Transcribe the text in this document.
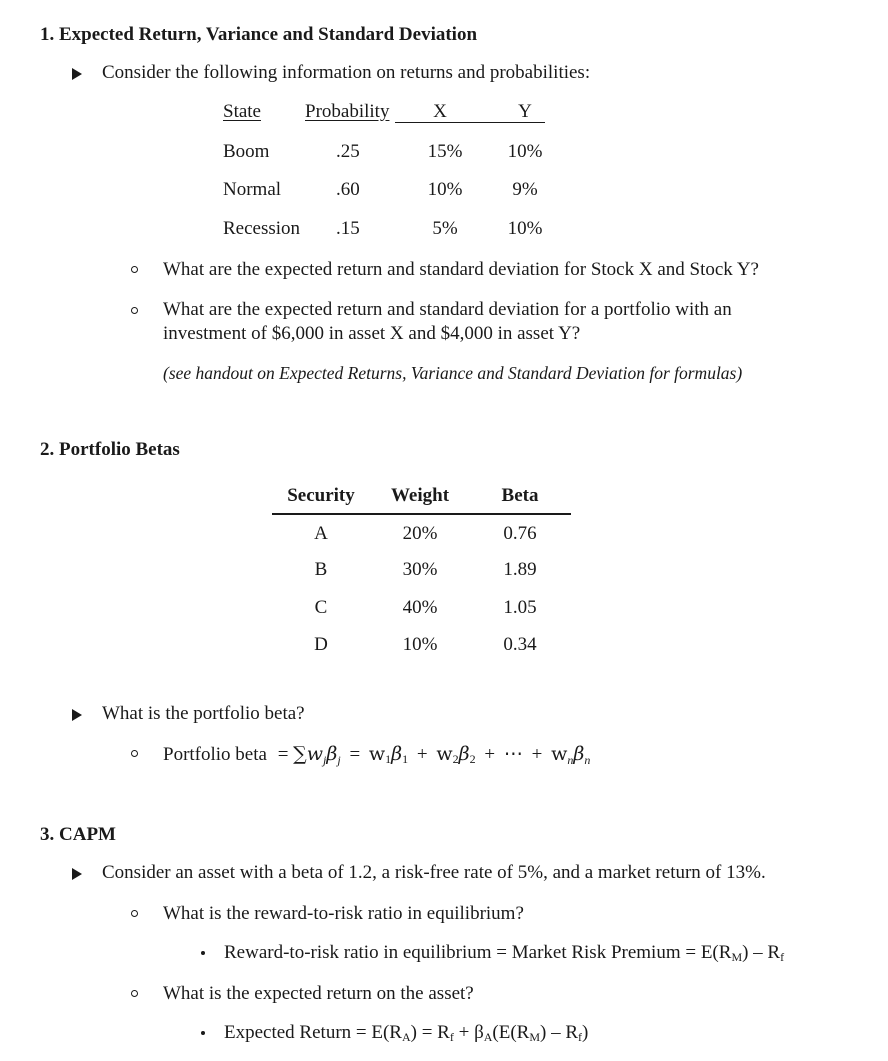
1. Expected Return, Variance and Standard Deviation
Consider the following information on returns and probabilities:
State Probability	X	Y
Boom	.25	15%	10%
Normal	.60	10%	9%
Recession .15	5%	10%
What are the expected return and standard deviation for Stock X and Stock Y?
What are the expected return and standard deviation for a portfolio with an
investment of $6,000 in asset X and $4,000 in asset Y?
(see handout on Expected Returns, Variance and Standard Deviation for formulas)
2. Portfolio Betas
Security	Weight	Beta
A	20%	0.76
B	30%	1.89
C	40%	1.05
D	10%	0.34
What is the portfolio beta?
Portfolio beta = $\sum w_j\beta_j = w1\beta 1 + w2\beta 2$ + ⋯ + $w_n\beta_n$
3. CAPM
Consider an asset with a beta of 1.2, a risk-free rate of 5%, and a market return of 13%.
What is the reward-to-risk ratio in equilibrium?
Reward-to-risk ratio in equilibrium = Market Risk Premium = E(RM) – Rf
What is the expected return on the asset?
Expected Return = E(RA) = Rf + βA(E(RM) – Rf)
